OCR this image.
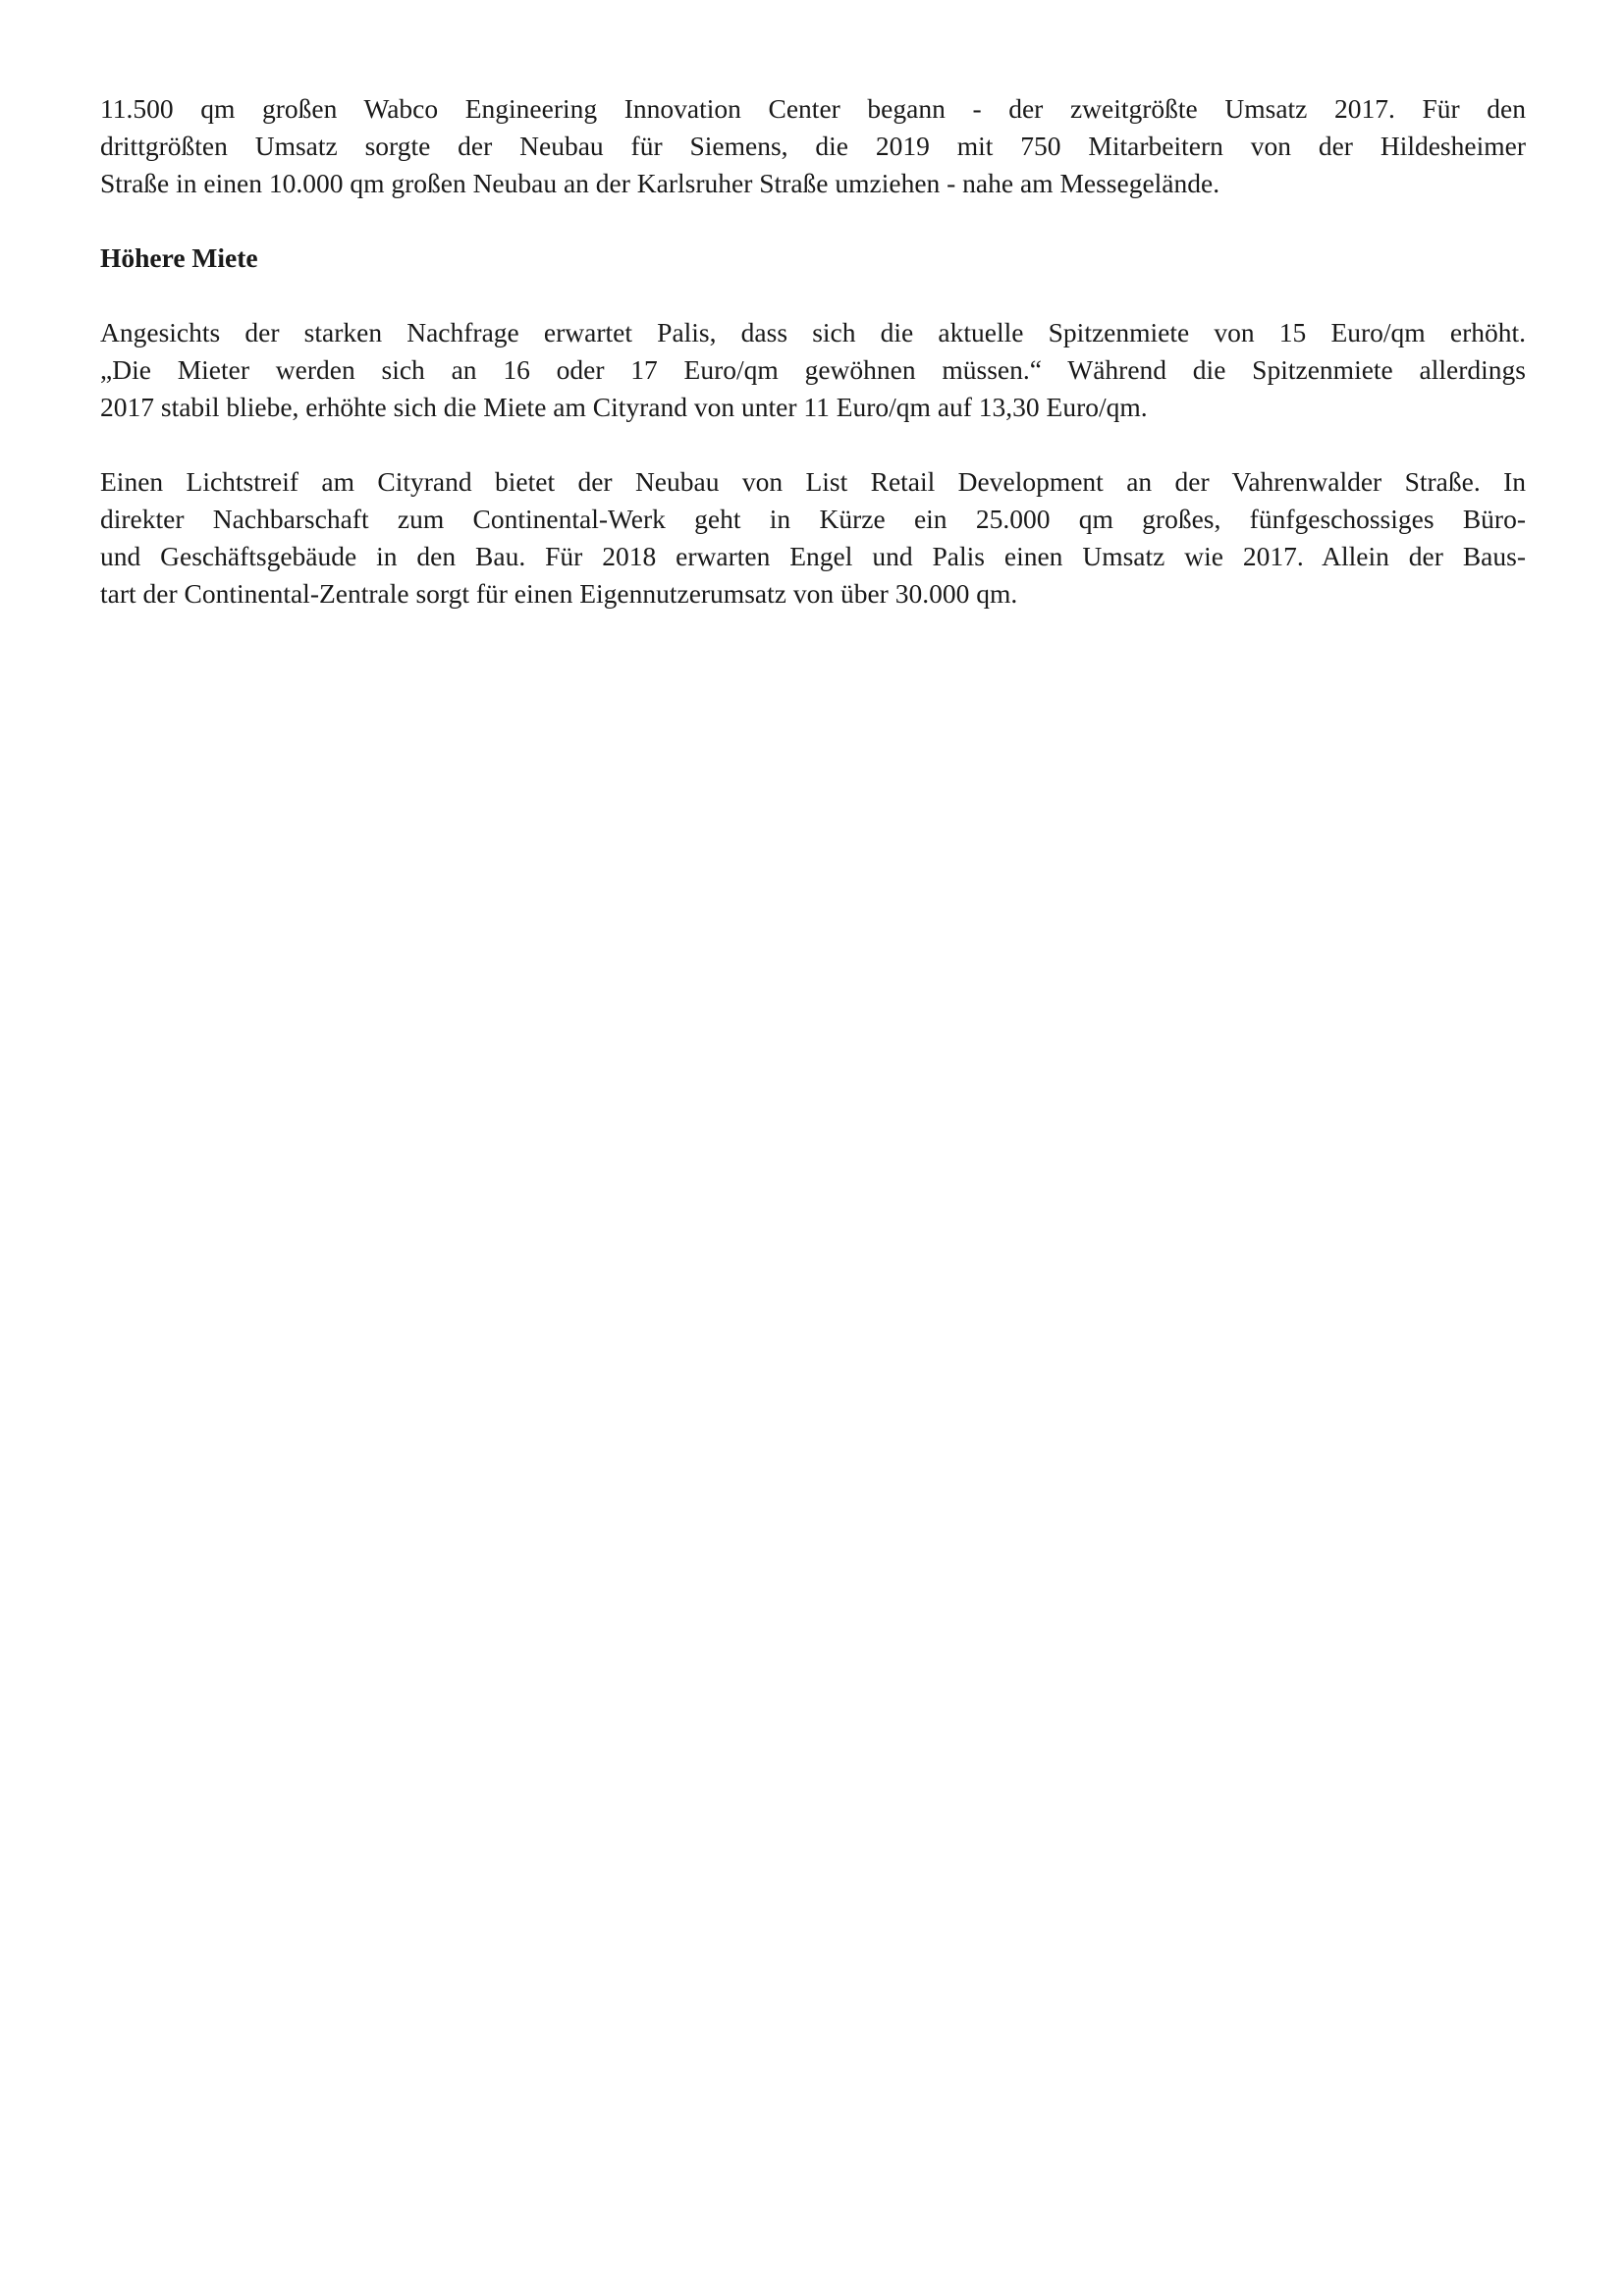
11.500 qm großen Wabco Engineering Innovation Center begann - der zweitgrößte Umsatz 2017. Für den
drittgrößten Umsatz sorgte der Neubau für Siemens, die 2019 mit 750 Mitarbeitern von der Hildesheimer
Straße in einen 10.000 qm großen Neubau an der Karlsruher Straße umziehen - nahe am Messegelände.
Höhere Miete
Angesichts der starken Nachfrage erwartet Palis, dass sich die aktuelle Spitzenmiete von 15 Euro/qm erhöht.
„Die Mieter werden sich an 16 oder 17 Euro/qm gewöhnen müssen.“ Während die Spitzenmiete allerdings
2017 stabil bliebe, erhöhte sich die Miete am Cityrand von unter 11 Euro/qm auf 13,30 Euro/qm.
Einen Lichtstreif am Cityrand bietet der Neubau von List Retail Development an der Vahrenwalder Straße. In
direkter Nachbarschaft zum Continental-Werk geht in Kürze ein 25.000 qm großes, fünfgeschossiges Büro-
und Geschäftsgebäude in den Bau. Für 2018 erwarten Engel und Palis einen Umsatz wie 2017. Allein der Baus-
tart der Continental-Zentrale sorgt für einen Eigennutzerumsatz von über 30.000 qm.
